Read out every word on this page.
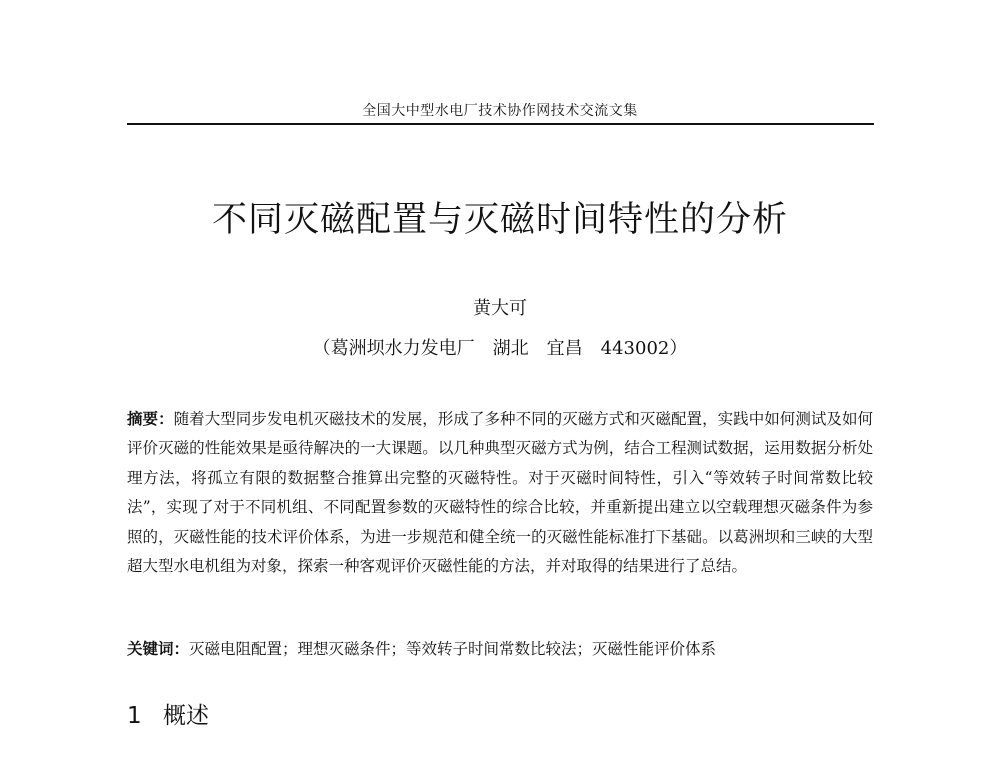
全国大中型水电厂技术协作网技术交流文集
不同灭磁配置与灭磁时间特性的分析
黄大可
（葛洲坝水力发电厂　湖北　宜昌　443002）

摘要：随着大型同步发电机灭磁技术的发展，形成了多种不同的灭磁方式和灭磁配置，实践中如何测试及如何评价灭磁的性能效果是亟待解决的一大课题。以几种典型灭磁方式为例，结合工程测试数据，运用数据分析处理方法，将孤立有限的数据整合推算出完整的灭磁特性。对于灭磁时间特性，引入“等效转子时间常数比较法”，实现了对于不同机组、不同配置参数的灭磁特性的综合比较，并重新提出建立以空载理想灭磁条件为参照的，灭磁性能的技术评价体系，为进一步规范和健全统一的灭磁性能标准打下基础。以葛洲坝和三峡的大型超大型水电机组为对象，探索一种客观评价灭磁性能的方法，并对取得的结果进行了总结。

关键词：灭磁电阻配置；理想灭磁条件；等效转子时间常数比较法；灭磁性能评价体系

1 概述
